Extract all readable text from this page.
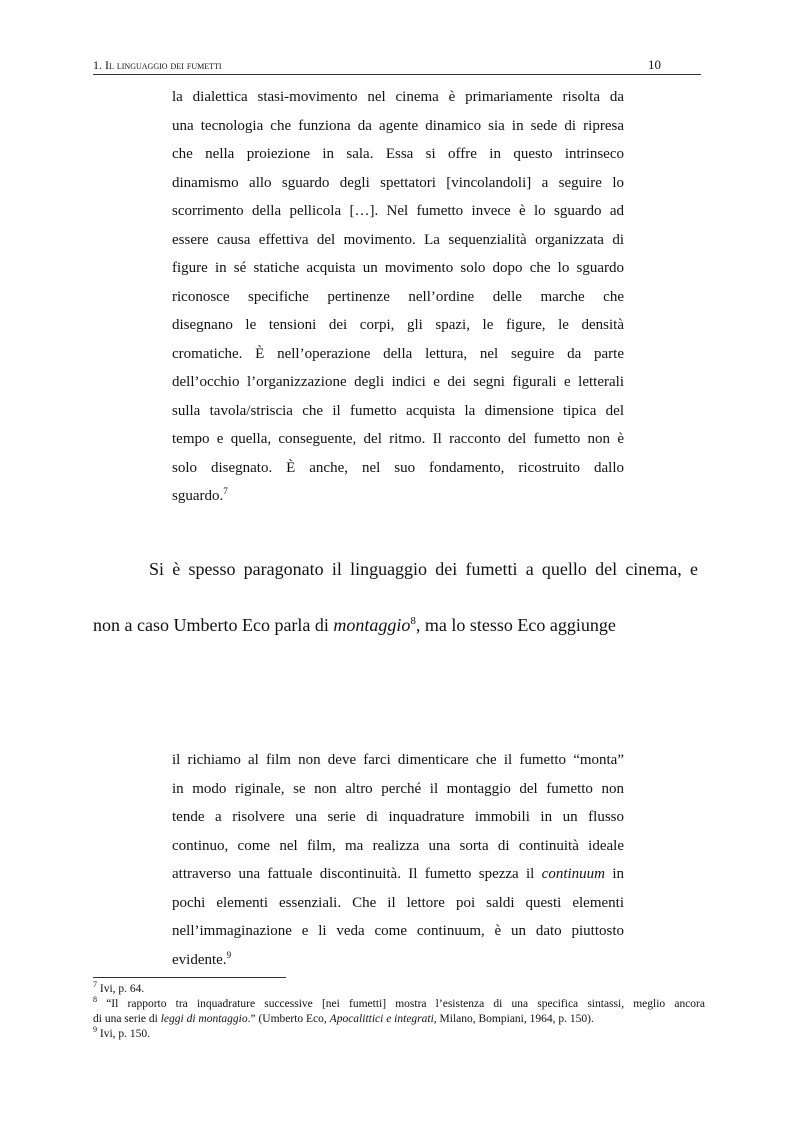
1. Il linguaggio dei fumetti	10
la dialettica stasi-movimento nel cinema è primariamente risolta da
una tecnologia che funziona da agente dinamico sia in sede di ripresa
che nella proiezione in sala. Essa si offre in questo intrinseco
dinamismo allo sguardo degli spettatori [vincolandoli] a seguire lo
scorrimento della pellicola […]. Nel fumetto invece è lo sguardo ad
essere causa effettiva del movimento. La sequenzialità organizzata di
figure in sé statiche acquista un movimento solo dopo che lo sguardo
riconosce specifiche pertinenze nell’ordine delle marche che
disegnano le tensioni dei corpi, gli spazi, le figure, le densità
cromatiche. È nell’operazione della lettura, nel seguire da parte
dell’occhio l’organizzazione degli indici e dei segni figurali e letterali
sulla tavola/striscia che il fumetto acquista la dimensione tipica del
tempo e quella, conseguente, del ritmo. Il racconto del fumetto non è
solo disegnato. È anche, nel suo fondamento, ricostruito dallo
sguardo.$^7$
Si è spesso paragonato il linguaggio dei fumetti a quello del cinema, e
non a caso Umberto Eco parla di montaggio$^8$, ma lo stesso Eco aggiunge
il richiamo al film non deve farci dimenticare che il fumetto “monta”
in modo riginale, se non altro perché il montaggio del fumetto non
tende a risolvere una serie di inquadrature immobili in un flusso
continuo, come nel film, ma realizza una sorta di continuità ideale
attraverso una fattuale discontinuità. Il fumetto spezza il continuum in
pochi elementi essenziali. Che il lettore poi saldi questi elementi
nell’immaginazione e li veda come continuum, è un dato piuttosto
evidente.$^9$
$^7$ Ivi, p. 64.
$^8$ “Il rapporto tra inquadrature successive [nei fumetti] mostra l’esistenza di una specifica sintassi, meglio ancora
di una serie di leggi di montaggio.” (Umberto Eco, Apocalittici e integrati, Milano, Bompiani, 1964, p. 150).
$^9$ Ivi, p. 150.
